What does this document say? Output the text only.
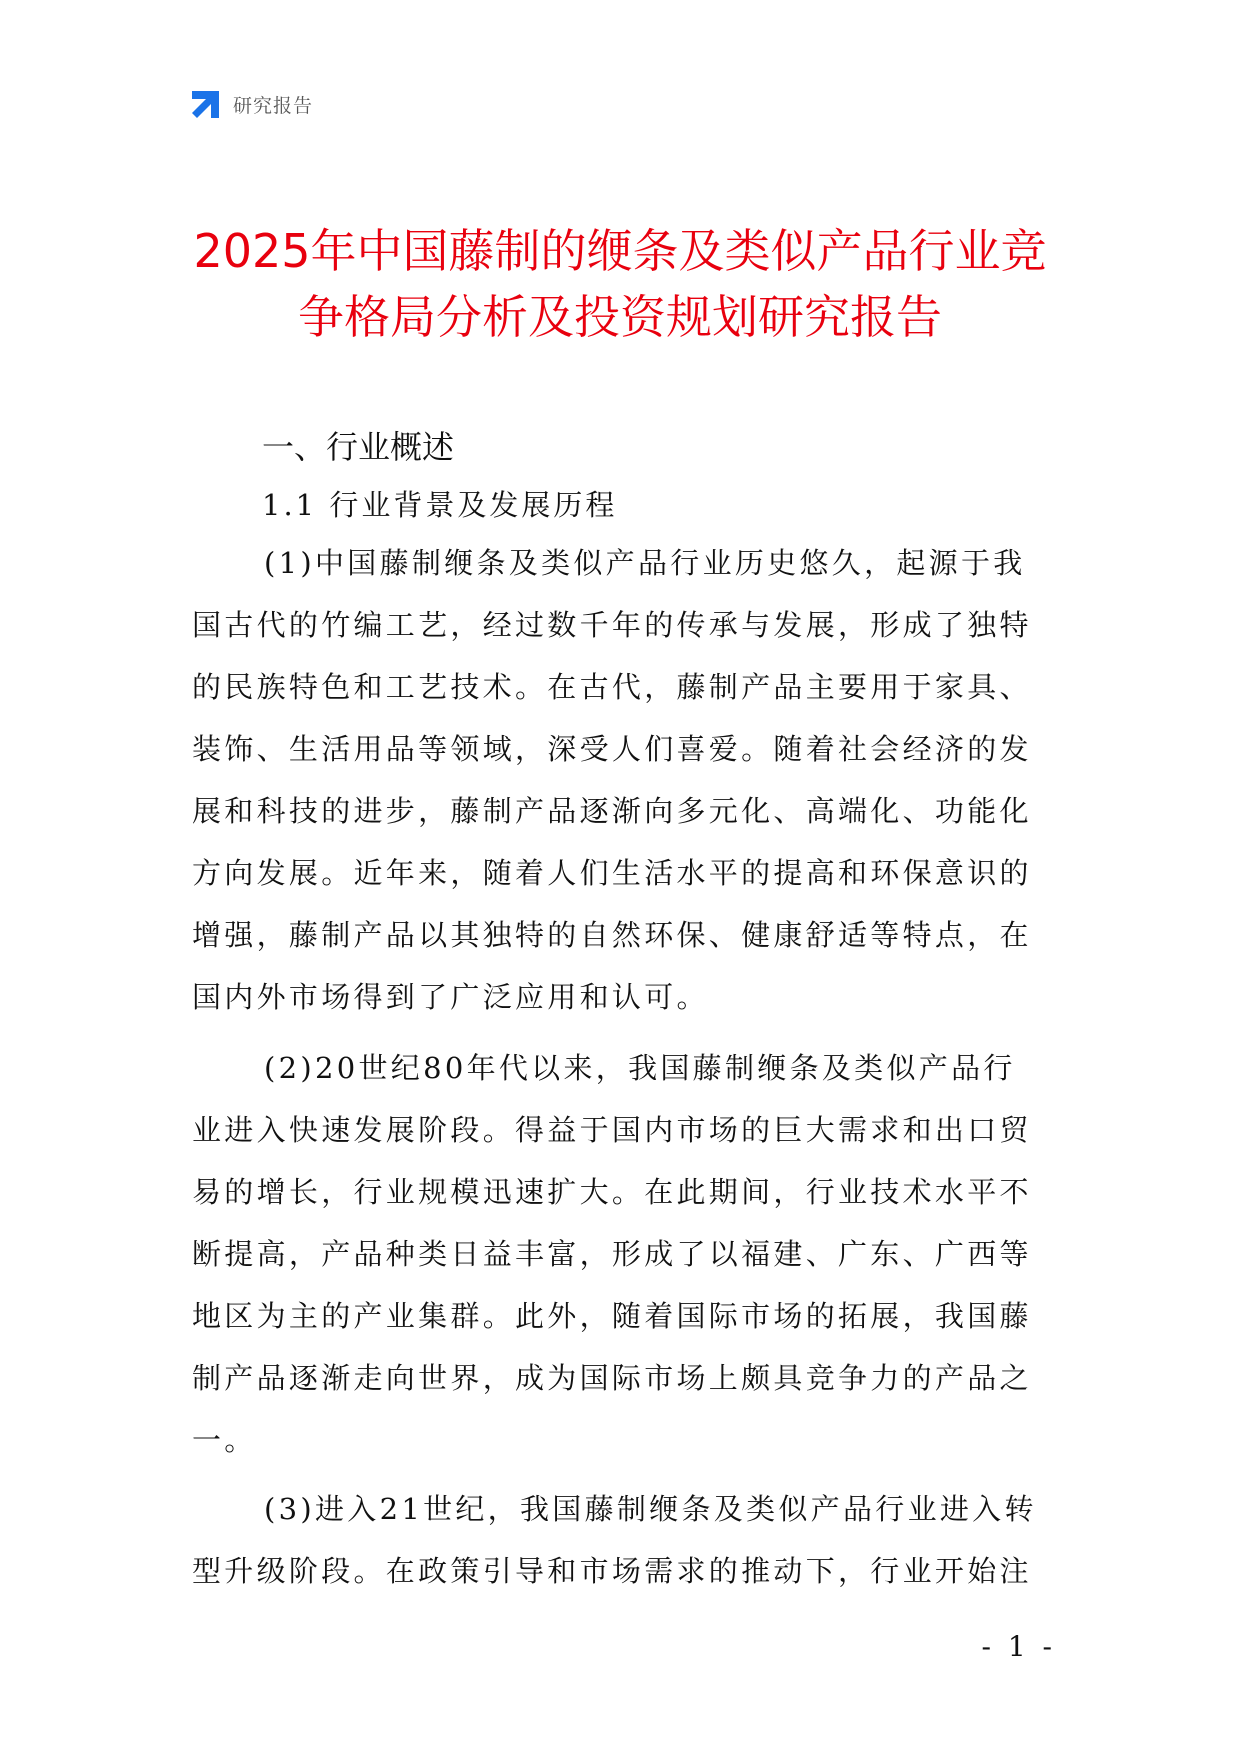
研究报告
2025年中国藤制的缏条及类似产品行业竞
争格局分析及投资规划研究报告
一、行业概述
1.1 行业背景及发展历程
(1)中国藤制缏条及类似产品行业历史悠久，起源于我
国古代的竹编工艺，经过数千年的传承与发展，形成了独特
的民族特色和工艺技术。在古代，藤制产品主要用于家具、
装饰、生活用品等领域，深受人们喜爱。随着社会经济的发
展和科技的进步，藤制产品逐渐向多元化、高端化、功能化
方向发展。近年来，随着人们生活水平的提高和环保意识的
增强，藤制产品以其独特的自然环保、健康舒适等特点，在
国内外市场得到了广泛应用和认可。
(2)20世纪80年代以来，我国藤制缏条及类似产品行
业进入快速发展阶段。得益于国内市场的巨大需求和出口贸
易的增长，行业规模迅速扩大。在此期间，行业技术水平不
断提高，产品种类日益丰富，形成了以福建、广东、广西等
地区为主的产业集群。此外，随着国际市场的拓展，我国藤
制产品逐渐走向世界，成为国际市场上颇具竞争力的产品之
一。
(3)进入21世纪，我国藤制缏条及类似产品行业进入转
型升级阶段。在政策引导和市场需求的推动下，行业开始注
- 1 -
